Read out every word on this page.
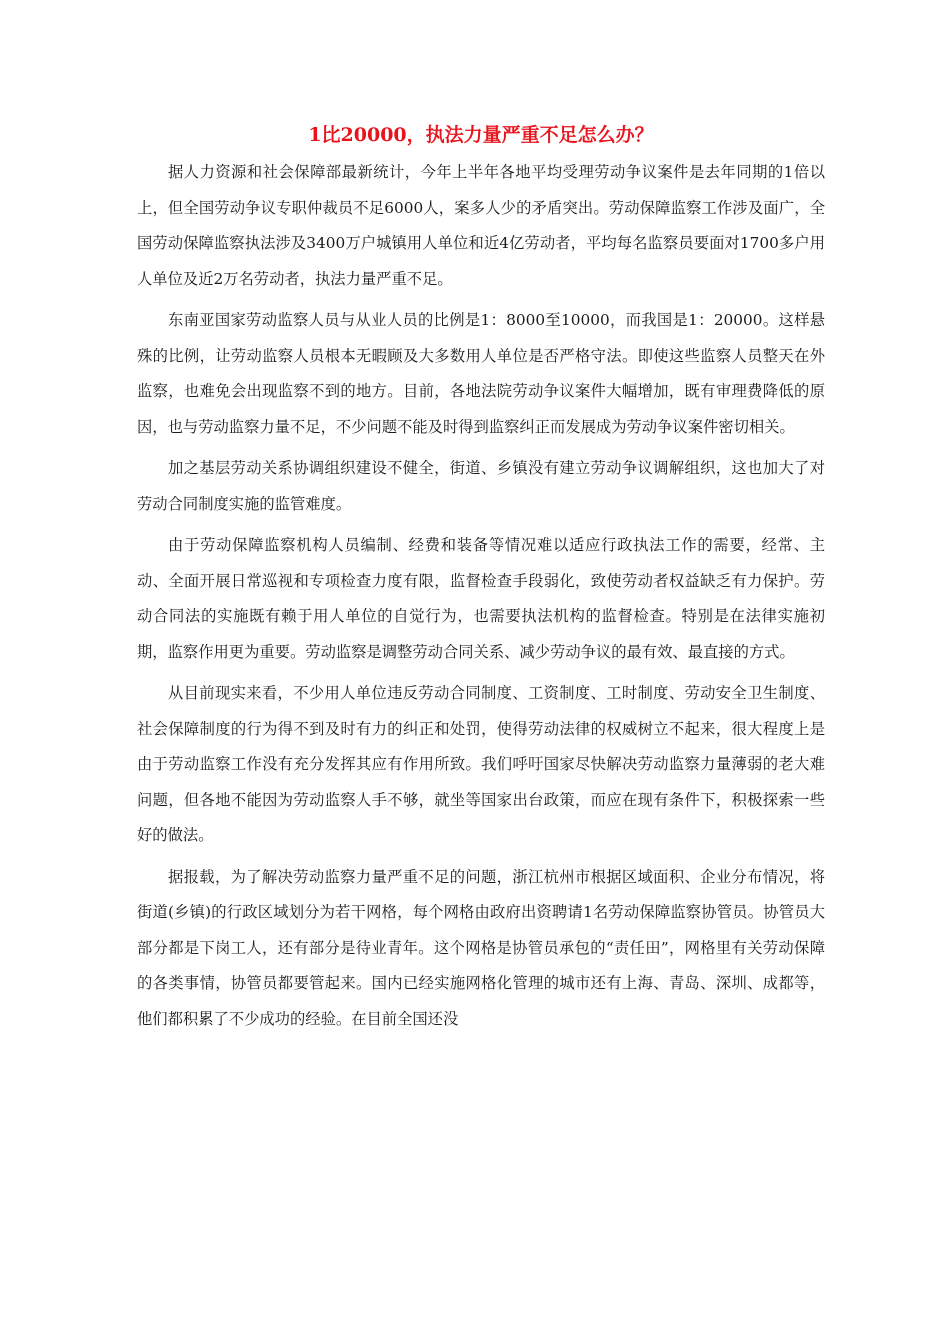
1比20000，执法力量严重不足怎么办？

据人力资源和社会保障部最新统计，今年上半年各地平均受理劳动争议案件是去年同期的1倍以上，但全国劳动争议专职仲裁员不足6000人，案多人少的矛盾突出。劳动保障监察工作涉及面广，全国劳动保障监察执法涉及3400万户城镇用人单位和近4亿劳动者，平均每名监察员要面对1700多户用人单位及近2万名劳动者，执法力量严重不足。

东南亚国家劳动监察人员与从业人员的比例是1：8000至10000，而我国是1：20000。这样悬殊的比例，让劳动监察人员根本无暇顾及大多数用人单位是否严格守法。即使这些监察人员整天在外监察，也难免会出现监察不到的地方。目前，各地法院劳动争议案件大幅增加，既有审理费降低的原因，也与劳动监察力量不足，不少问题不能及时得到监察纠正而发展成为劳动争议案件密切相关。

加之基层劳动关系协调组织建设不健全，街道、乡镇没有建立劳动争议调解组织，这也加大了对劳动合同制度实施的监管难度。

由于劳动保障监察机构人员编制、经费和装备等情况难以适应行政执法工作的需要，经常、主动、全面开展日常巡视和专项检查力度有限，监督检查手段弱化，致使劳动者权益缺乏有力保护。劳动合同法的实施既有赖于用人单位的自觉行为，也需要执法机构的监督检查。特别是在法律实施初期，监察作用更为重要。劳动监察是调整劳动合同关系、减少劳动争议的最有效、最直接的方式。

从目前现实来看，不少用人单位违反劳动合同制度、工资制度、工时制度、劳动安全卫生制度、社会保障制度的行为得不到及时有力的纠正和处罚，使得劳动法律的权威树立不起来，很大程度上是由于劳动监察工作没有充分发挥其应有作用所致。我们呼吁国家尽快解决劳动监察力量薄弱的老大难问题，但各地不能因为劳动监察人手不够，就坐等国家出台政策，而应在现有条件下，积极探索一些好的做法。

据报载，为了解决劳动监察力量严重不足的问题，浙江杭州市根据区域面积、企业分布情况，将街道(乡镇)的行政区域划分为若干网格，每个网格由政府出资聘请1名劳动保障监察协管员。协管员大部分都是下岗工人，还有部分是待业青年。这个网格是协管员承包的“责任田”，网格里有关劳动保障的各类事情，协管员都要管起来。国内已经实施网格化管理的城市还有上海、青岛、深圳、成都等，他们都积累了不少成功的经验。在目前全国还没
